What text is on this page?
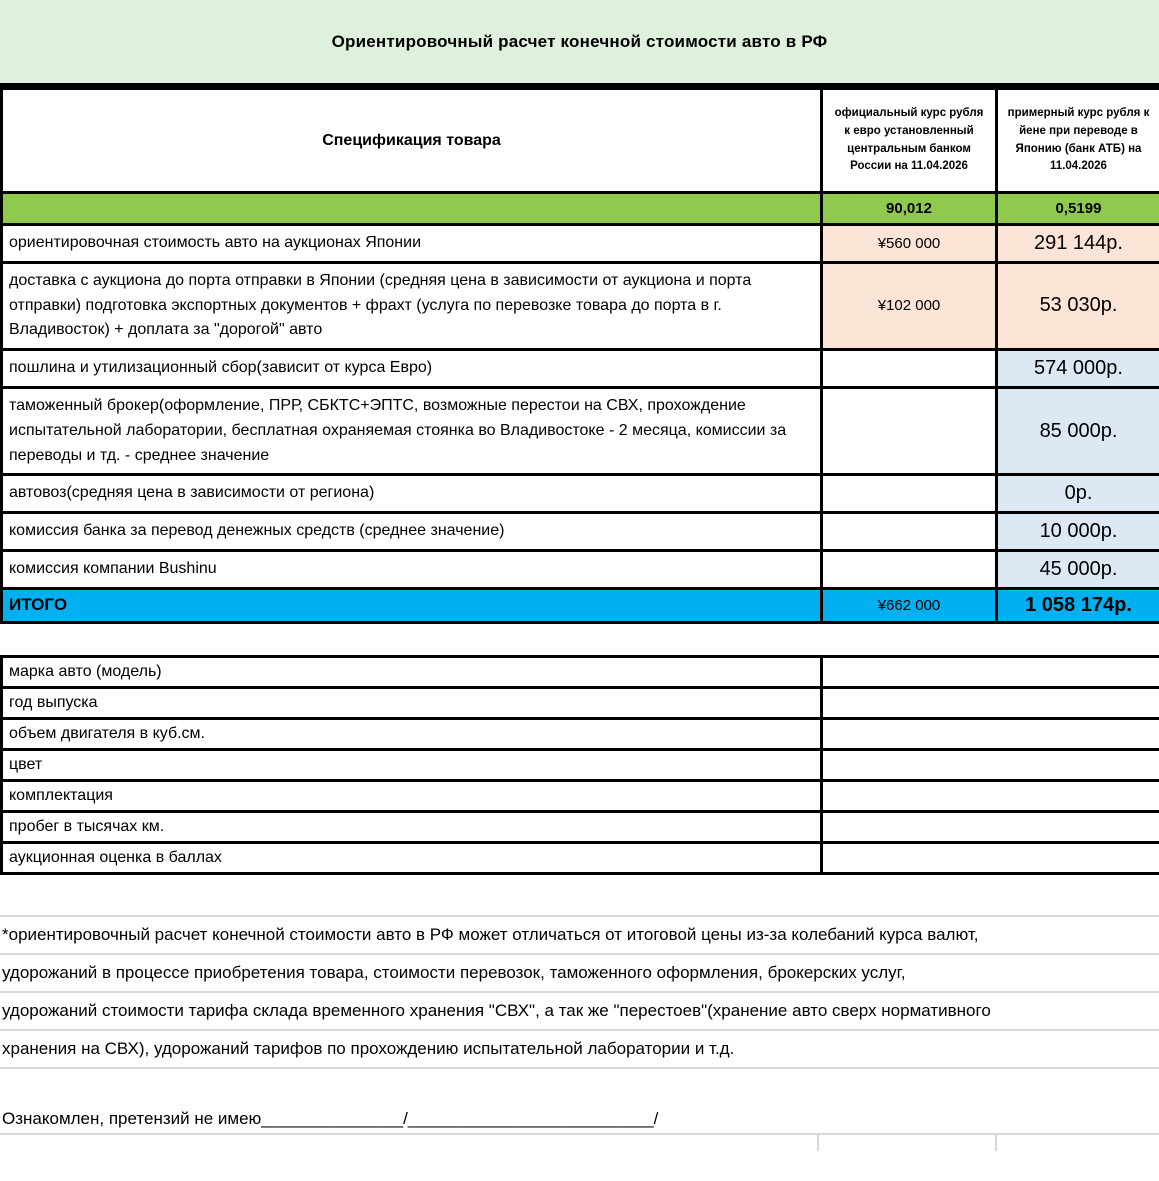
Ориентировочный расчет конечной стоимости авто в РФ
Спецификация товара	официальный курс рубля к евро установленный центральным банком России на 11.04.2026	примерный курс рубля к йене при переводе в Японию (банк АТБ) на 11.04.2026
	90,012	0,5199
ориентировочная стоимость авто на аукционах Японии	¥560 000	291 144р.
доставка с аукциона до порта отправки в Японии (средняя цена в зависимости от аукциона и порта отправки) подготовка экспортных документов + фрахт (услуга по перевозке товара до порта в г. Владивосток) + доплата за "дорогой" авто	¥102 000	53 030р.
пошлина и утилизационный сбор(зависит от курса Евро)		574 000р.
таможенный брокер(оформление, ПРР, СБКТС+ЭПТС, возможные перестои на СВХ, прохождение испытательной лаборатории, бесплатная охраняемая стоянка во Владивостоке - 2 месяца, комиссии за переводы и тд. - среднее значение		85 000р.
автовоз(средняя цена в зависимости от региона)		0р.
комиссия банка за перевод денежных средств (среднее значение)		10 000р.
комиссия компании Bushinu		45 000р.
ИТОГО	¥662 000	1 058 174р.
марка авто (модель)	
год выпуска	
объем двигателя в куб.см.	
цвет	
комплектация	
пробег в тысячах км.	
аукционная оценка в баллах	
*ориентировочный расчет конечной стоимости авто в РФ может отличаться от итоговой цены из-за колебаний курса валют,
удорожаний в процессе приобретения товара, стоимости перевозок, таможенного оформления, брокерских услуг,
удорожаний стоимости тарифа склада временного хранения "СВХ", а так же "перестоев"(хранение авто сверх нормативного
хранения на СВХ), удорожаний тарифов по прохождению испытательной лаборатории и т.д.
Ознакомлен, претензий не имею_______________/__________________________/
